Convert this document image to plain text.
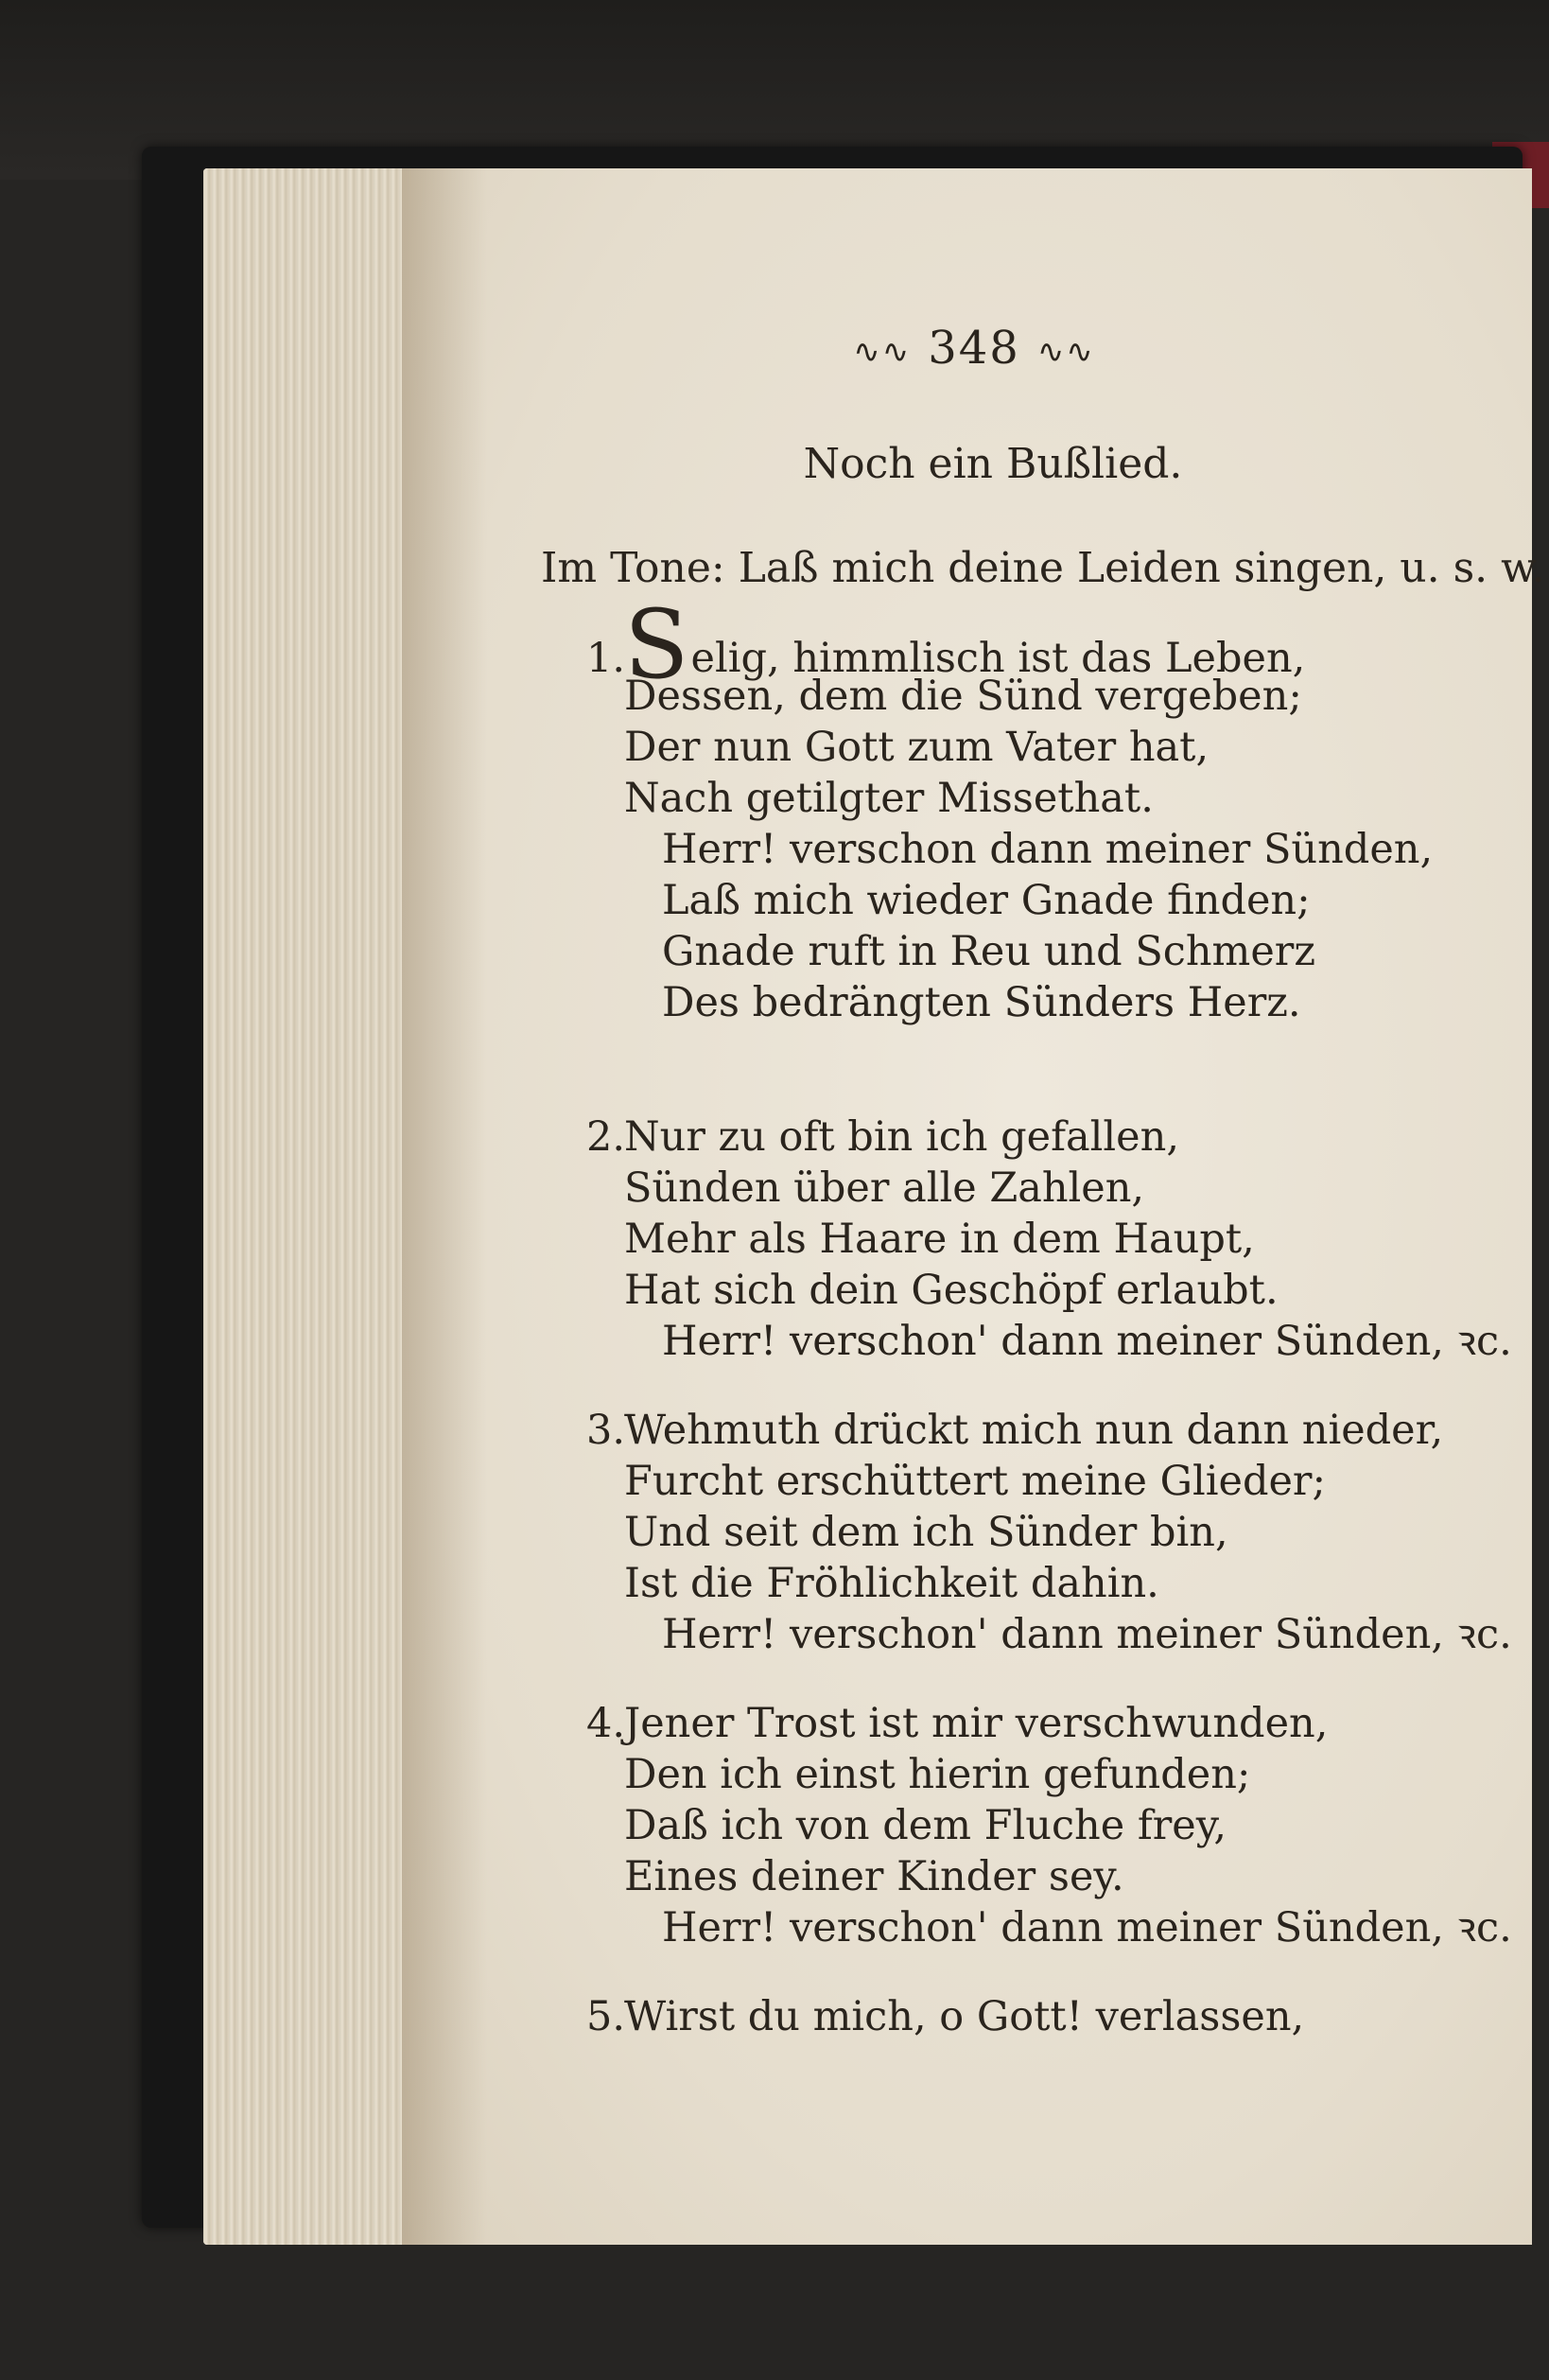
∿∿ 348 ∿∿
Noch ein Bußlied.
Im Tone: Laß mich deine Leiden singen, u. s. w.
1.Selig, himmlisch ist das Leben,
Dessen, dem die Sünd vergeben;
Der nun Gott zum Vater hat,
Nach getilgter Missethat.
Herr! verschon dann meiner Sünden,
Laß mich wieder Gnade finden;
Gnade ruft in Reu und Schmerz
Des bedrängten Sünders Herz.
2.Nur zu oft bin ich gefallen,
Sünden über alle Zahlen,
Mehr als Haare in dem Haupt,
Hat sich dein Geschöpf erlaubt.
Herr! verschon' dann meiner Sünden, ꝛc.
3.Wehmuth drückt mich nun dann nieder,
Furcht erschüttert meine Glieder;
Und seit dem ich Sünder bin,
Ist die Fröhlichkeit dahin.
Herr! verschon' dann meiner Sünden, ꝛc.
4.Jener Trost ist mir verschwunden,
Den ich einst hierin gefunden;
Daß ich von dem Fluche frey,
Eines deiner Kinder sey.
Herr! verschon' dann meiner Sünden, ꝛc.
5.Wirst du mich, o Gott! verlassen,
